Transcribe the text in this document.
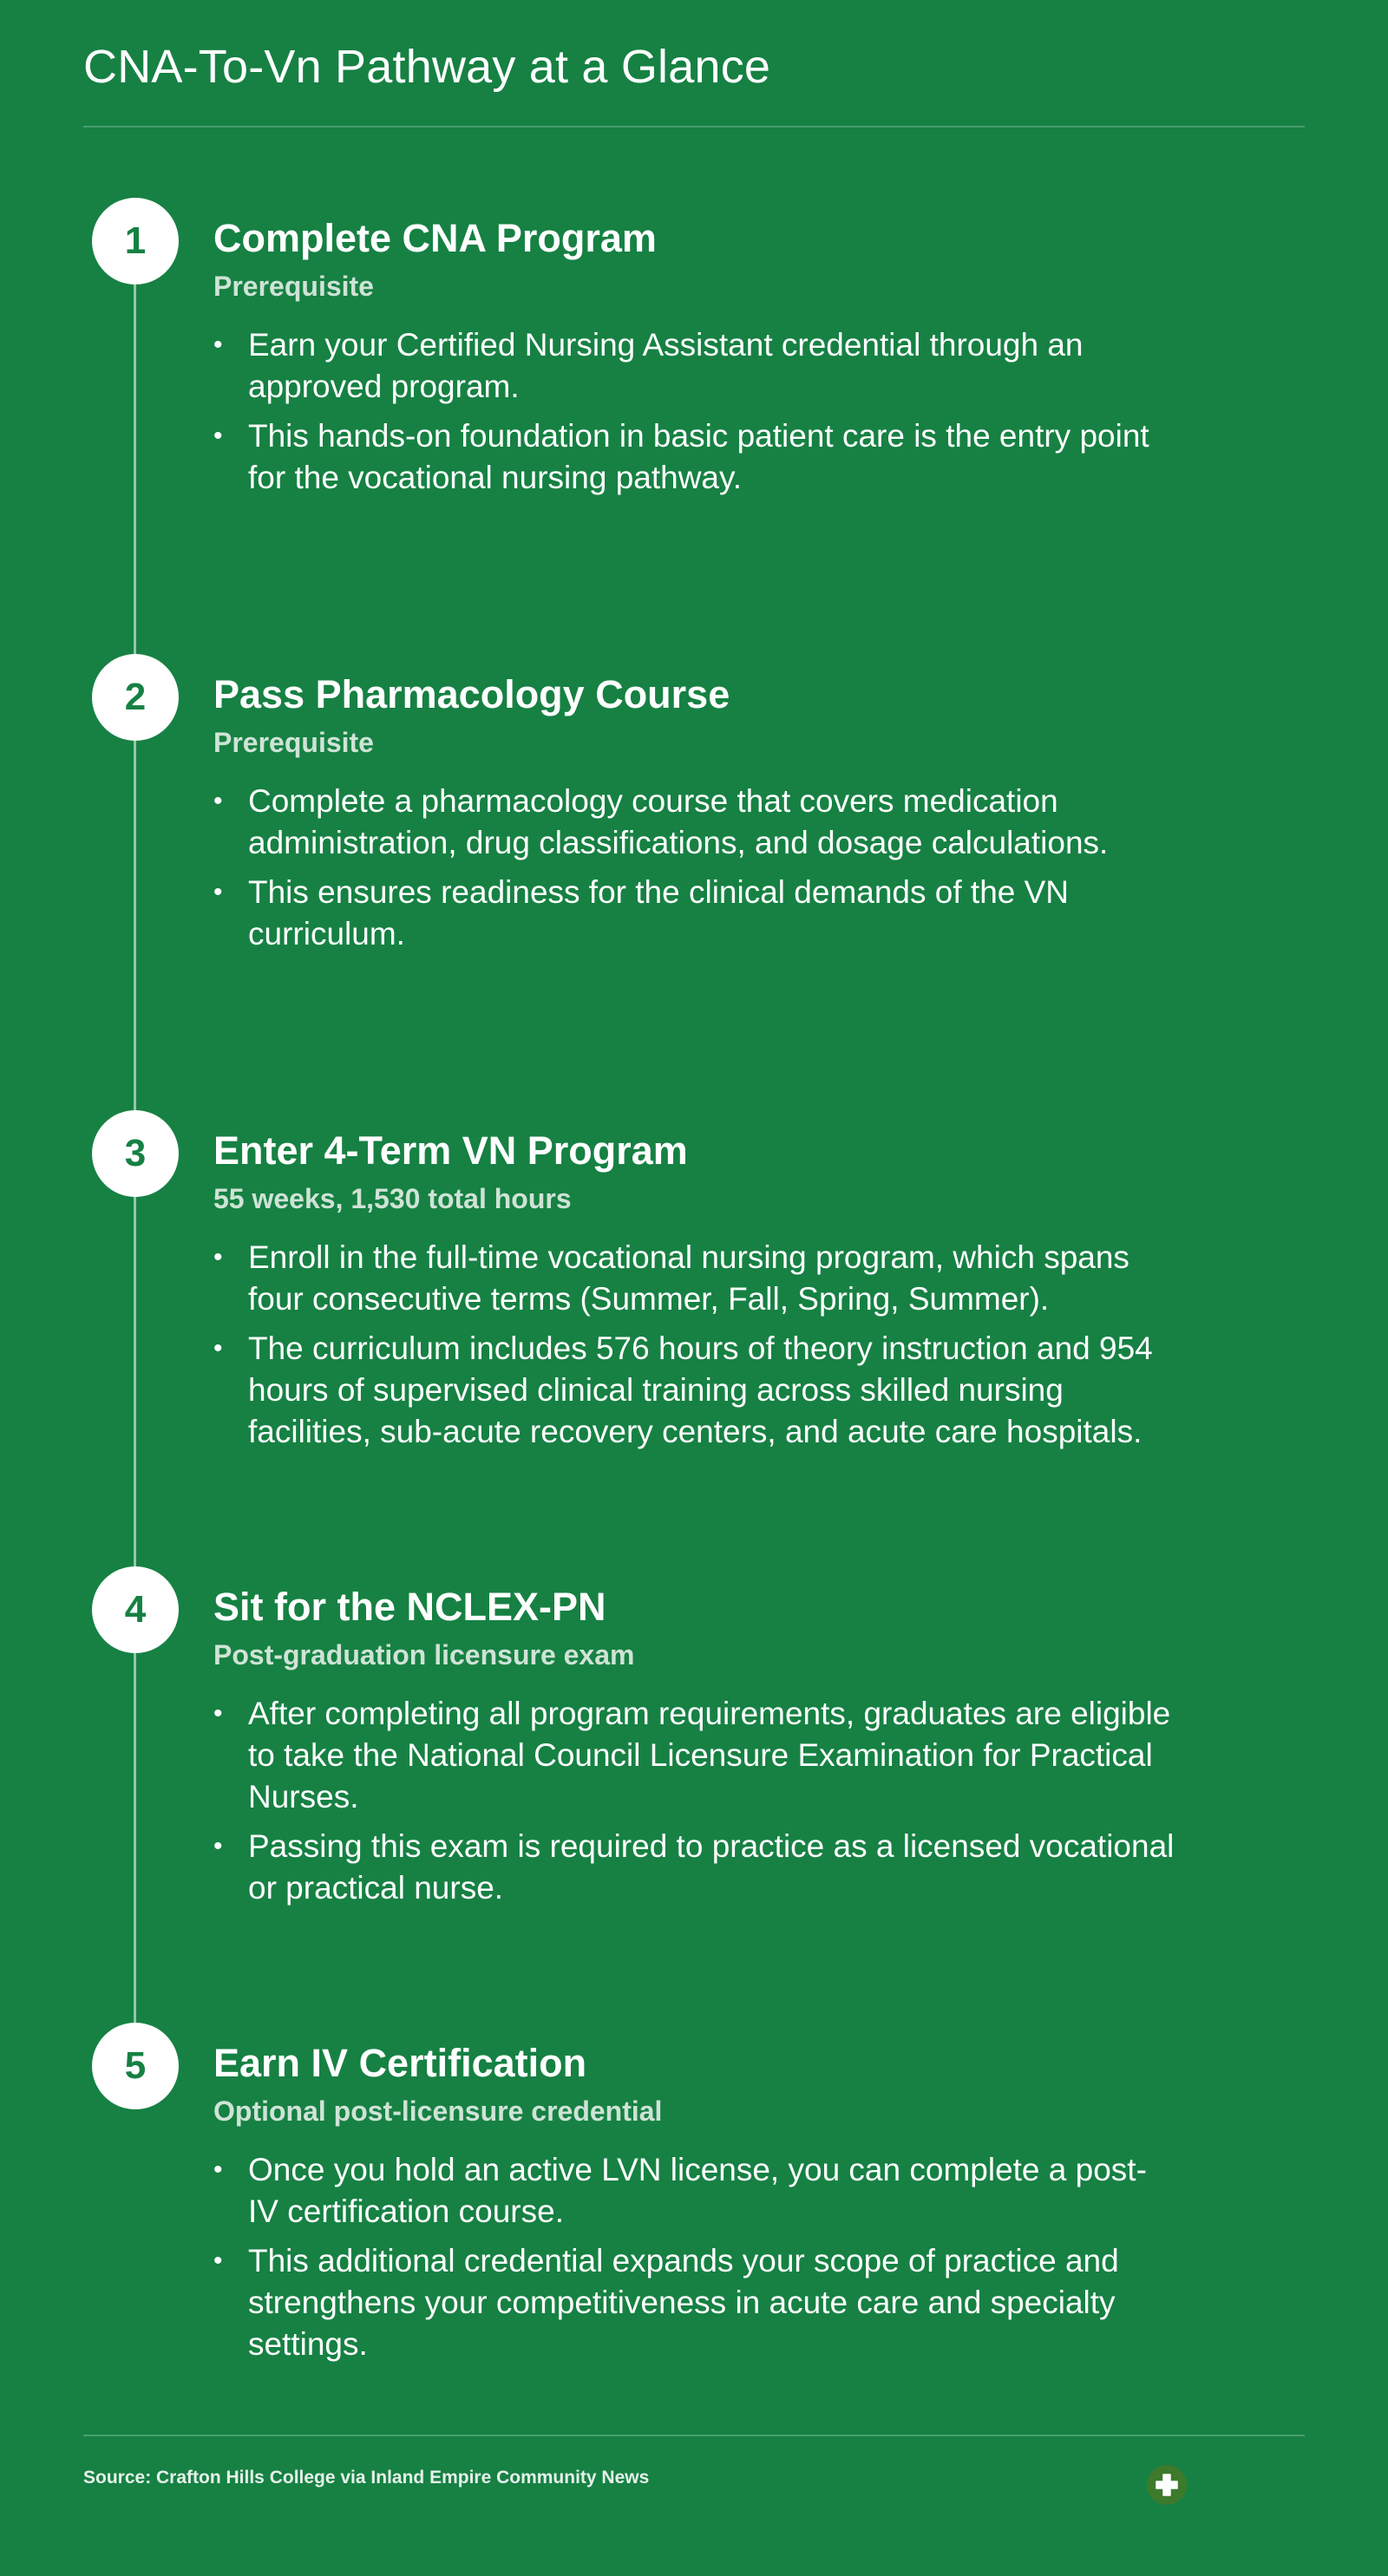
CNA-To-Vn Pathway at a Glance
1	Complete CNA Program
Prerequisite
• Earn your Certified Nursing Assistant credential through an approved program.
• This hands-on foundation in basic patient care is the entry point for the vocational nursing pathway.
2	Pass Pharmacology Course
Prerequisite
• Complete a pharmacology course that covers medication administration, drug classifications, and dosage calculations.
• This ensures readiness for the clinical demands of the VN curriculum.
3	Enter 4-Term VN Program
55 weeks, 1,530 total hours
• Enroll in the full-time vocational nursing program, which spans four consecutive terms (Summer, Fall, Spring, Summer).
• The curriculum includes 576 hours of theory instruction and 954 hours of supervised clinical training across skilled nursing facilities, sub-acute recovery centers, and acute care hospitals.
4	Sit for the NCLEX-PN
Post-graduation licensure exam
• After completing all program requirements, graduates are eligible to take the National Council Licensure Examination for Practical Nurses.
• Passing this exam is required to practice as a licensed vocational or practical nurse.
5	Earn IV Certification
Optional post-licensure credential
• Once you hold an active LVN license, you can complete a post-IV certification course.
• This additional credential expands your scope of practice and strengthens your competitiveness in acute care and specialty settings.
Source: Crafton Hills College via Inland Empire Community News
